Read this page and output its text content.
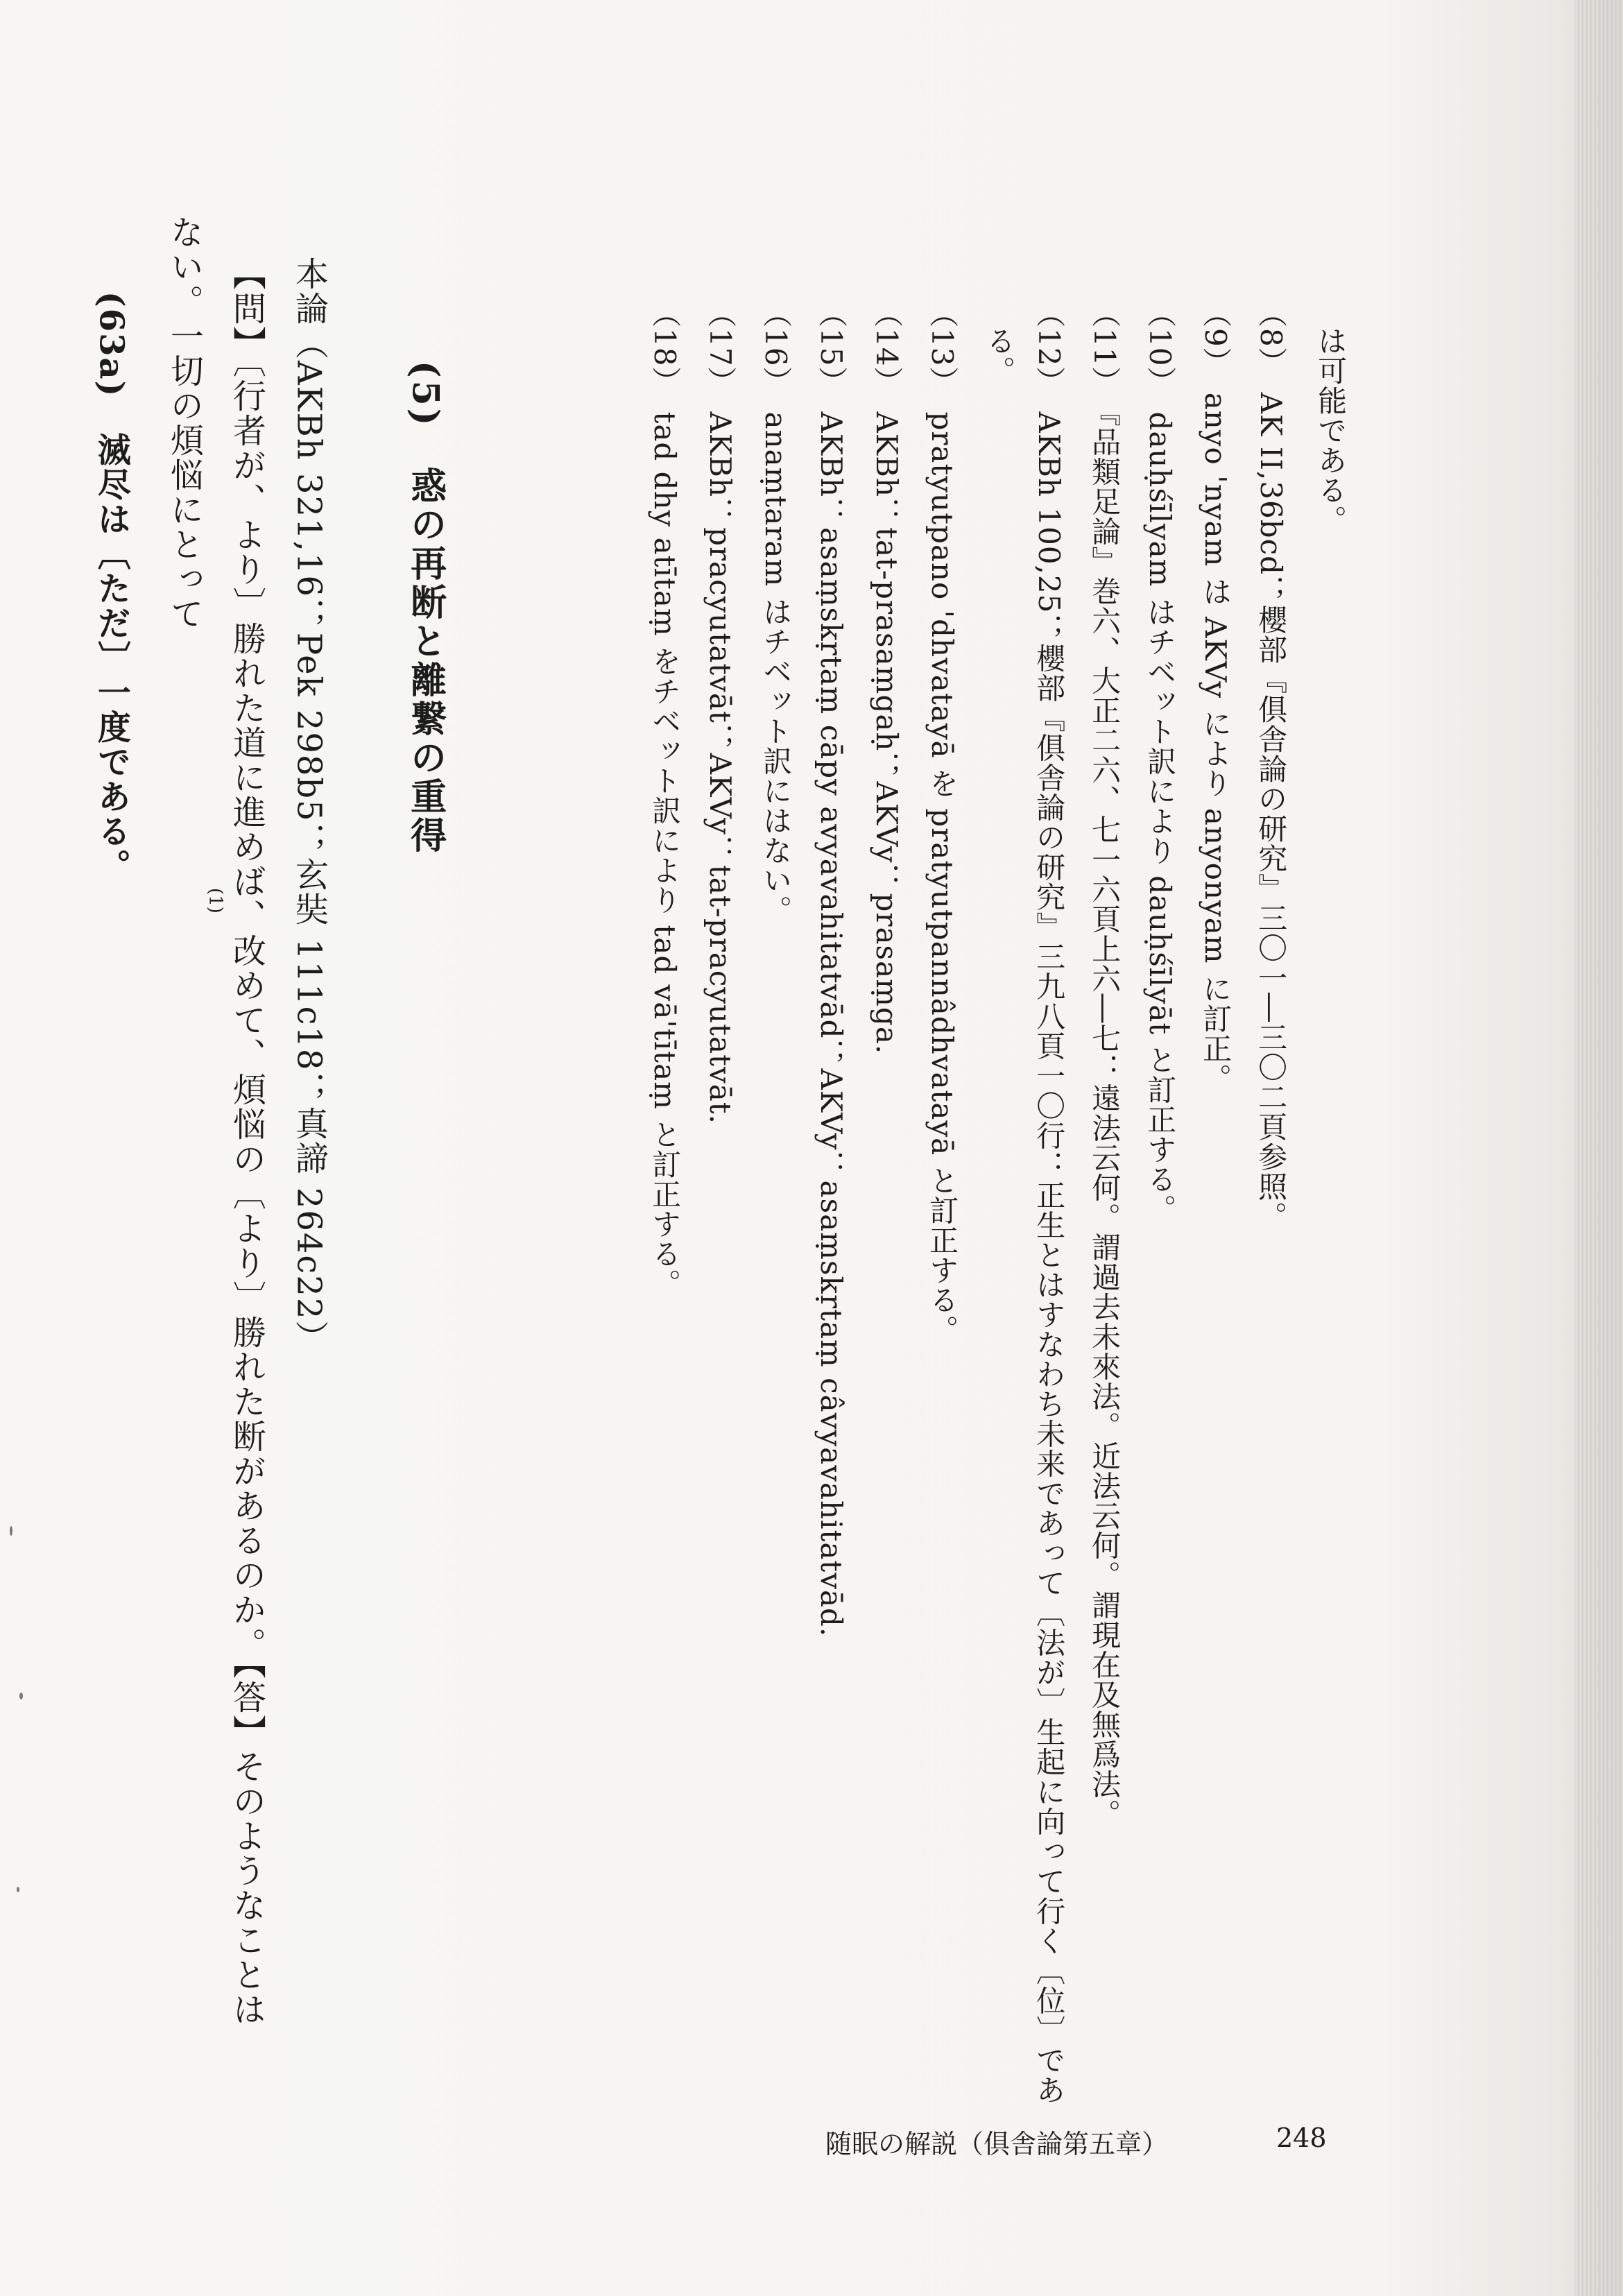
は可能である。
（8）　AK II,36bcd；櫻部『俱舎論の研究』三〇一―三〇二頁参照。
（9）　anyo 'nyam は AKVy により anyonyam に訂正。
（10）　dauḥśīlyam はチベット訳により dauḥśīlyāt と訂正する。
（11）　『品類足論』巻六、大正二六、七一六頁上六―七：遠法云何。謂過去未來法。近法云何。謂現在及無爲法。
（12）　AKBh 100,25；櫻部『俱舎論の研究』三九八頁一〇行：正生とはすなわち未来であって〔法が〕生起に向って行く〔位〕であ
る。
（13）　pratyutpano 'dhvatayā を pratyutpannâdhvatayā と訂正する。
（14）　AKBh：tat-prasaṃgaḥ；AKVy：prasaṃga.
（15）　AKBh：asaṃskṛtaṃ cāpy avyavahitatvād；AKVy：asaṃskṛtaṃ câvyavahitatvād.
（16）　anaṃtaram はチベット訳にはない。
（17）　AKBh：pracyutatvāt；AKVy：tat-pracyutatvāt.
（18）　tad dhy atītaṃ をチベット訳により tad vā'tītaṃ と訂正する。
(5)　惑の再断と離繋の重得
本論（AKBh 321,16；Pek 298b5；玄奘 111c18；真諦 264c22）
【問】〔行者が、より〕勝れた道に進めば、改めて、煩悩の〔より〕勝れた断があるのか。【答】そのようなことは
ない。一切の煩悩にとって
(1)
(63a)　滅尽は〔ただ〕一度である。
随眠の解説（俱舎論第五章）	248
